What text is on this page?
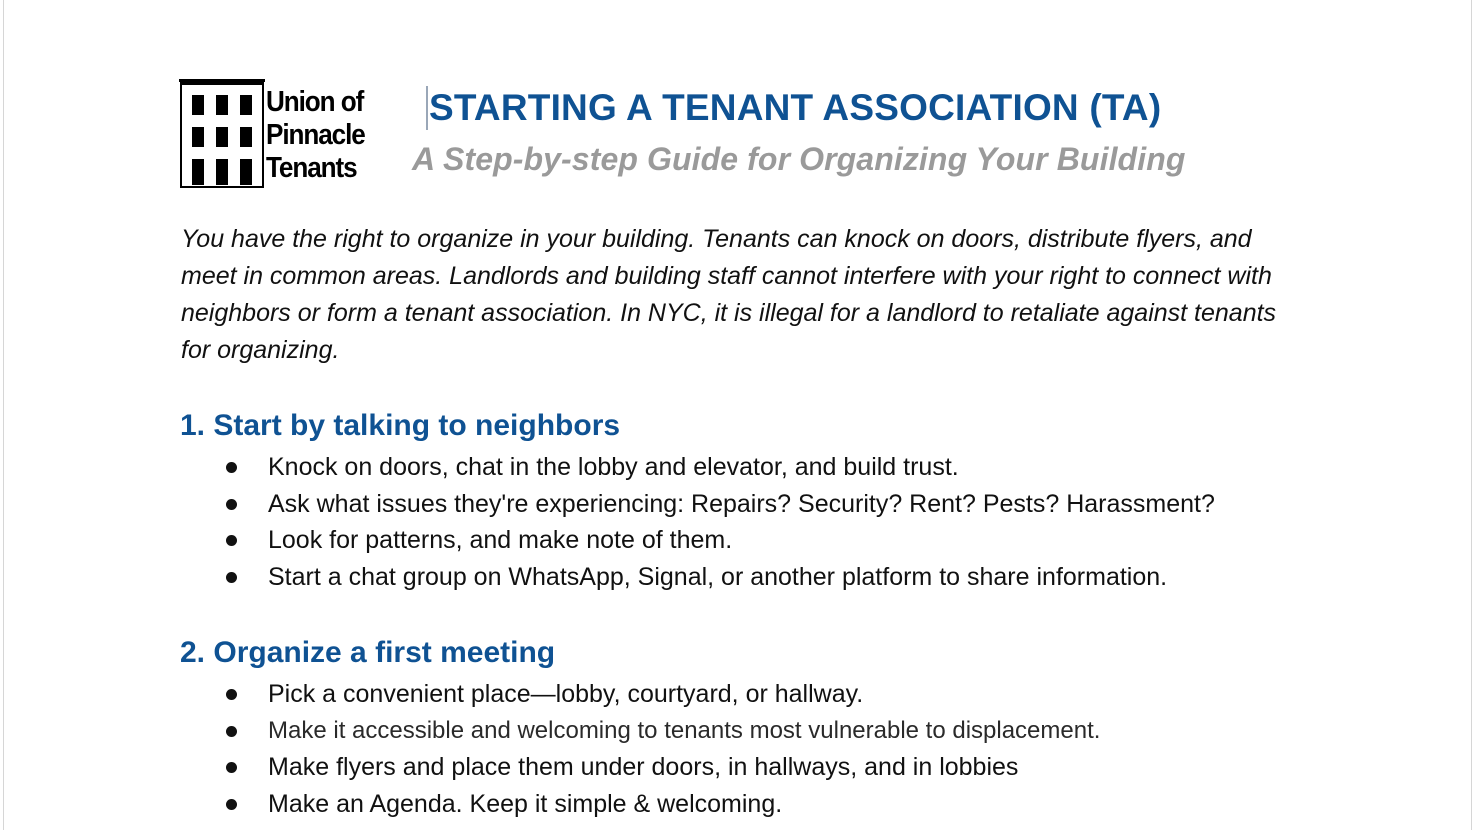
Union of
Pinnacle
Tenants
STARTING A TENANT ASSOCIATION (TA)
A Step-by-step Guide for Organizing Your Building

You have the right to organize in your building. Tenants can knock on doors, distribute flyers, and meet in common areas. Landlords and building staff cannot interfere with your right to connect with neighbors or form a tenant association. In NYC, it is illegal for a landlord to retaliate against tenants for organizing.

1. Start by talking to neighbors
Knock on doors, chat in the lobby and elevator, and build trust.
Ask what issues they're experiencing: Repairs? Security? Rent? Pests? Harassment?
Look for patterns, and make note of them.
Start a chat group on WhatsApp, Signal, or another platform to share information.
2. Organize a first meeting
Pick a convenient place—lobby, courtyard, or hallway.
Make it accessible and welcoming to tenants most vulnerable to displacement.
Make flyers and place them under doors, in hallways, and in lobbies
Make an Agenda. Keep it simple & welcoming.
